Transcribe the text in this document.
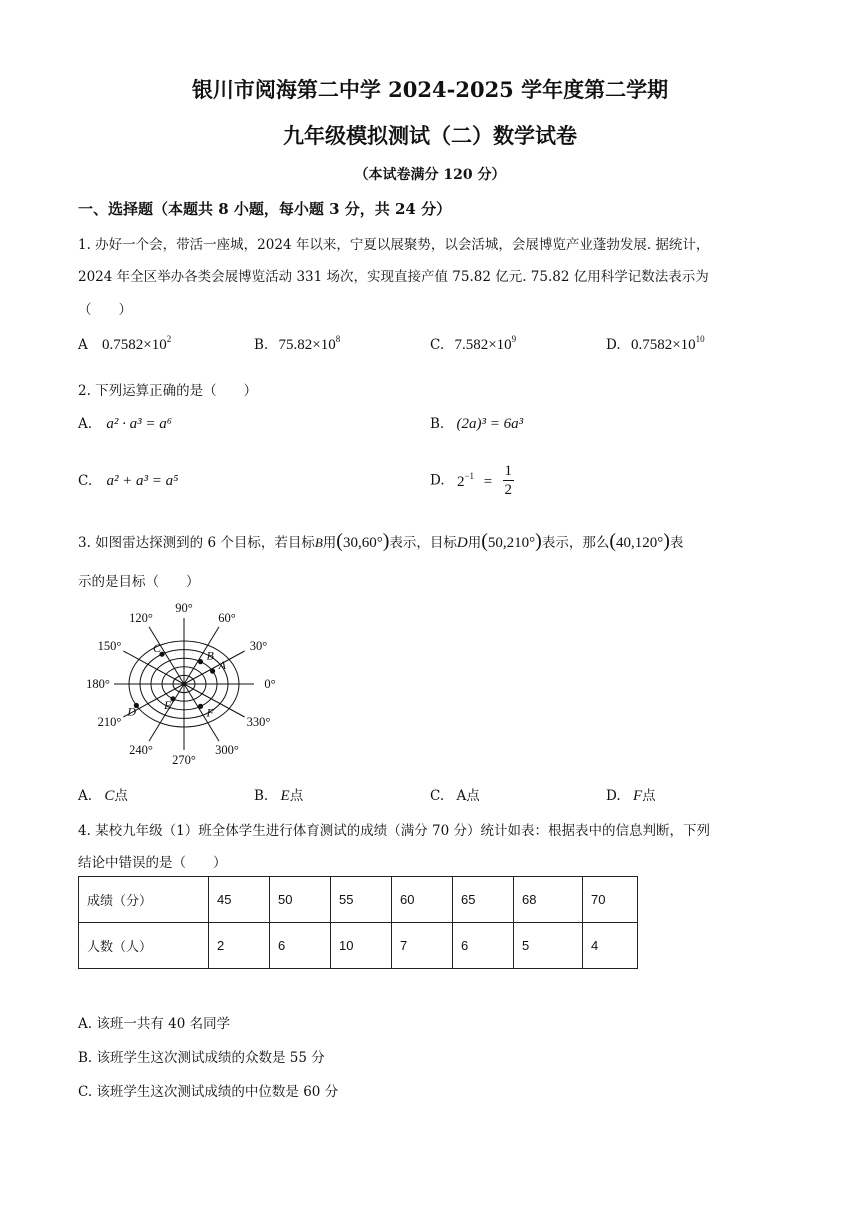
银川市阅海第二中学 2024-2025 学年度第二学期
九年级模拟测试（二）数学试卷
（本试卷满分 120 分）
一、选择题（本题共 8 小题，每小题 3 分，共 24 分）
1. 办好一个会，带活一座城，2024 年以来，宁夏以展聚势，以会活城，会展博览产业蓬勃发展. 据统计，
2024 年全区举办各类会展博览活动 331 场次，实现直接产值 75.82 亿元. 75.82 亿用科学记数法表示为
（　　）
A $0.7582\times 10^2$	B. $75.82\times 10^8$	C. $7.582\times 10^9$	D. $0.7582\times 10^{10}$
2. 下列运算正确的是（　　）
A. a² · a³ = a⁶	B. (2a)³ = 6a³
C. a² + a³ = a⁵	D. $2^{-1} = \frac{1}{2}$
3. 如图雷达探测到的 6 个目标，若目标B用(30,60°)表示，目标D用(50,210°)表示，那么(40,120°)表
示的是目标（　　）
0°
30°
60°
90°
120°
150°
180°
210°
240°
270°
300°
330°
A
B
C
D E
F
A. C点	B. E点	C. A点	D. F点
4. 某校九年级（1）班全体学生进行体育测试的成绩（满分 70 分）统计如表：根据表中的信息判断，下列
结论中错误的是（　　）
成绩（分）	45	50	55	60	65	68	70
人数（人）	2	6	10	7	6	5	4
A. 该班一共有 40 名同学
B. 该班学生这次测试成绩的众数是 55 分
C. 该班学生这次测试成绩的中位数是 60 分
